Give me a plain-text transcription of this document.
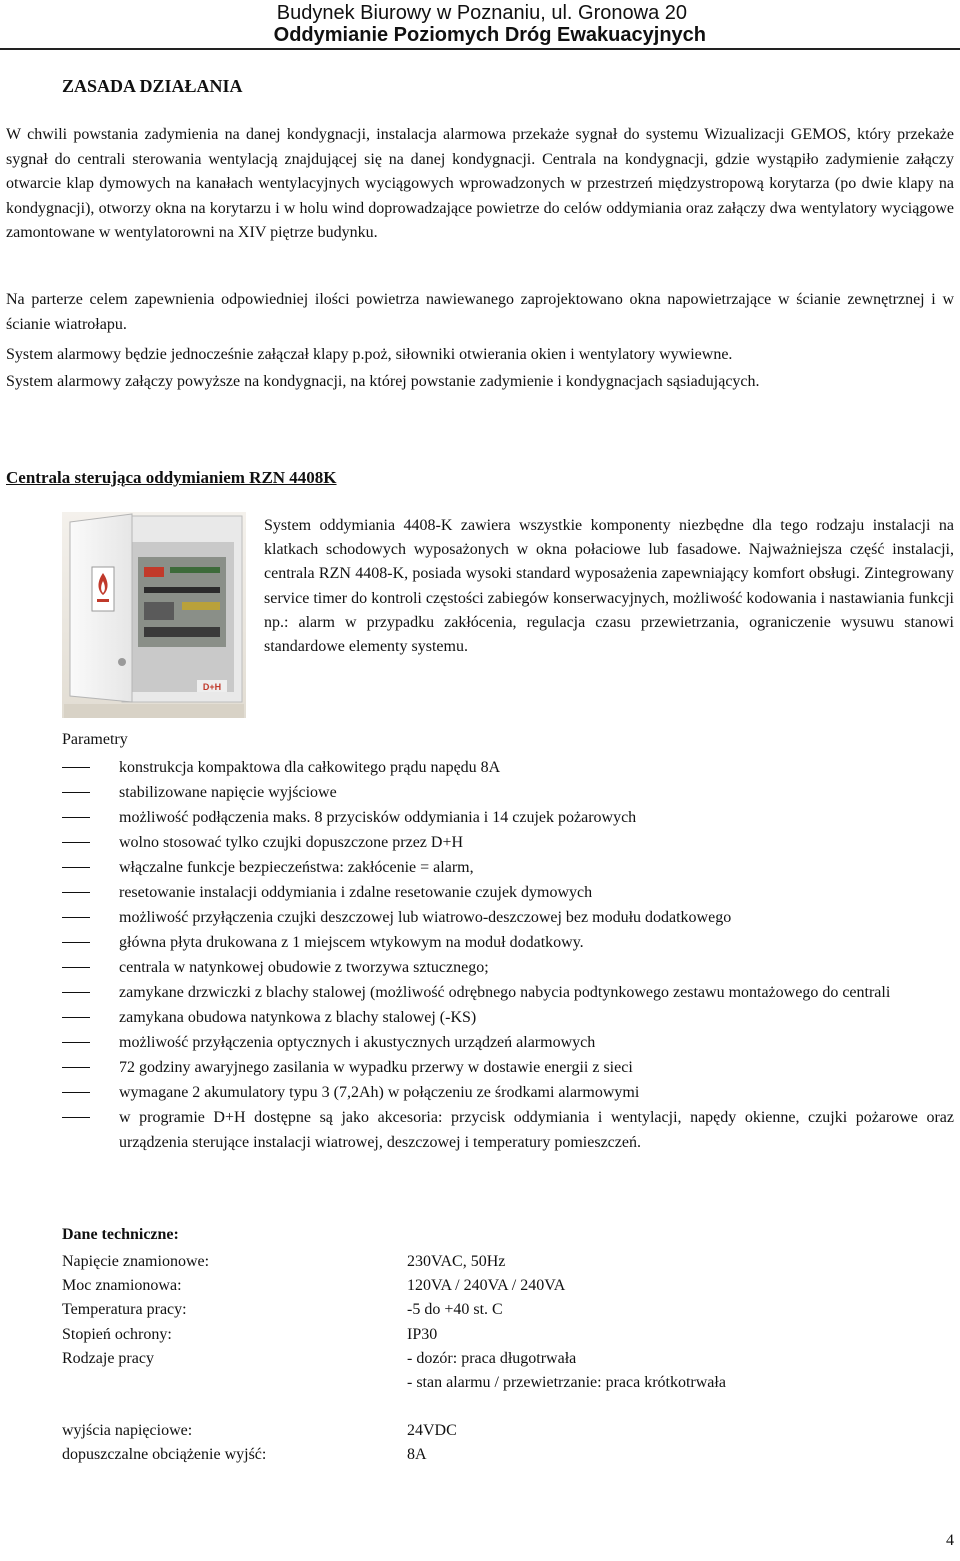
Budynek Biurowy w Poznaniu, ul. Gronowa 20
Oddymianie Poziomych Dróg Ewakuacyjnych
ZASADA DZIAŁANIA

W chwili powstania zadymienia na danej kondygnacji, instalacja alarmowa przekaże sygnał do systemu Wizualizacji GEMOS, który przekaże sygnał do centrali sterowania wentylacją znajdującej się na danej kondygnacji. Centrala na kondygnacji, gdzie wystąpiło zadymienie załączy otwarcie klap dymowych na kanałach wentylacyjnych wyciągowych wprowadzonych w przestrzeń międzystropową korytarza (po dwie klapy na kondygnacji), otworzy okna na korytarzu i w holu wind doprowadzające powietrze do celów oddymiania oraz załączy dwa wentylatory wyciągowe zamontowane w wentylatorowni na XIV piętrze budynku.

Na parterze celem zapewnienia odpowiedniej ilości powietrza nawiewanego zaprojektowano okna napowietrzające w ścianie zewnętrznej i w ścianie wiatrołapu.

System alarmowy będzie jednocześnie załączał klapy p.poż, siłowniki otwierania okien i wentylatory wywiewne.

System alarmowy załączy powyższe na kondygnacji, na której powstanie zadymienie i kondygnacjach sąsiadujących.

Centrala sterująca oddymianiem RZN 4408K
D+H
System oddymiania 4408-K zawiera wszystkie komponenty niezbędne dla tego rodzaju instalacji na klatkach schodowych wyposażonych w okna połaciowe lub fasadowe. Najważniejsza część instalacji, centrala RZN 4408-K, posiada wysoki standard wyposażenia zapewniający komfort obsługi. Zintegrowany service timer do kontroli częstości zabiegów konserwacyjnych, możliwość kodowania i nastawiania funkcji np.: alarm w przypadku zakłócenia, regulacja czasu przewietrzania, ograniczenie wysuwu stanowi standardowe elementy systemu.
Parametry
konstrukcja kompaktowa dla całkowitego prądu napędu 8A
stabilizowane napięcie wyjściowe
możliwość podłączenia maks. 8 przycisków oddymiania i 14 czujek pożarowych
wolno stosować tylko czujki dopuszczone przez D+H
włączalne funkcje bezpieczeństwa: zakłócenie = alarm,
resetowanie instalacji oddymiania i zdalne resetowanie czujek dymowych
możliwość przyłączenia czujki deszczowej lub wiatrowo-deszczowej bez modułu dodatkowego
główna płyta drukowana z 1 miejscem wtykowym na moduł dodatkowy.
centrala w natynkowej obudowie z tworzywa sztucznego;
zamykane drzwiczki z blachy stalowej (możliwość odrębnego nabycia podtynkowego zestawu montażowego do centrali
zamykana obudowa natynkowa z blachy stalowej (-KS)
możliwość przyłączenia optycznych i akustycznych urządzeń alarmowych
72 godziny awaryjnego zasilania w wypadku przerwy w dostawie energii z sieci
wymagane 2 akumulatory typu 3 (7,2Ah) w połączeniu ze środkami alarmowymi
w programie D+H dostępne są jako akcesoria: przycisk oddymiania i wentylacji, napędy okienne, czujki pożarowe oraz urządzenia sterujące instalacji wiatrowej, deszczowej i temperatury pomieszczeń.
Dane techniczne:
Napięcie znamionowe:	230VAC, 50Hz
Moc znamionowa:	120VA / 240VA / 240VA
Temperatura pracy:	-5 do +40 st. C
Stopień ochrony:	IP30
Rodzaje pracy	- dozór: praca długotrwała
- stan alarmu / przewietrzanie: praca krótkotrwała
wyjścia napięciowe:	24VDC
dopuszczalne obciążenie wyjść:	8A
4
